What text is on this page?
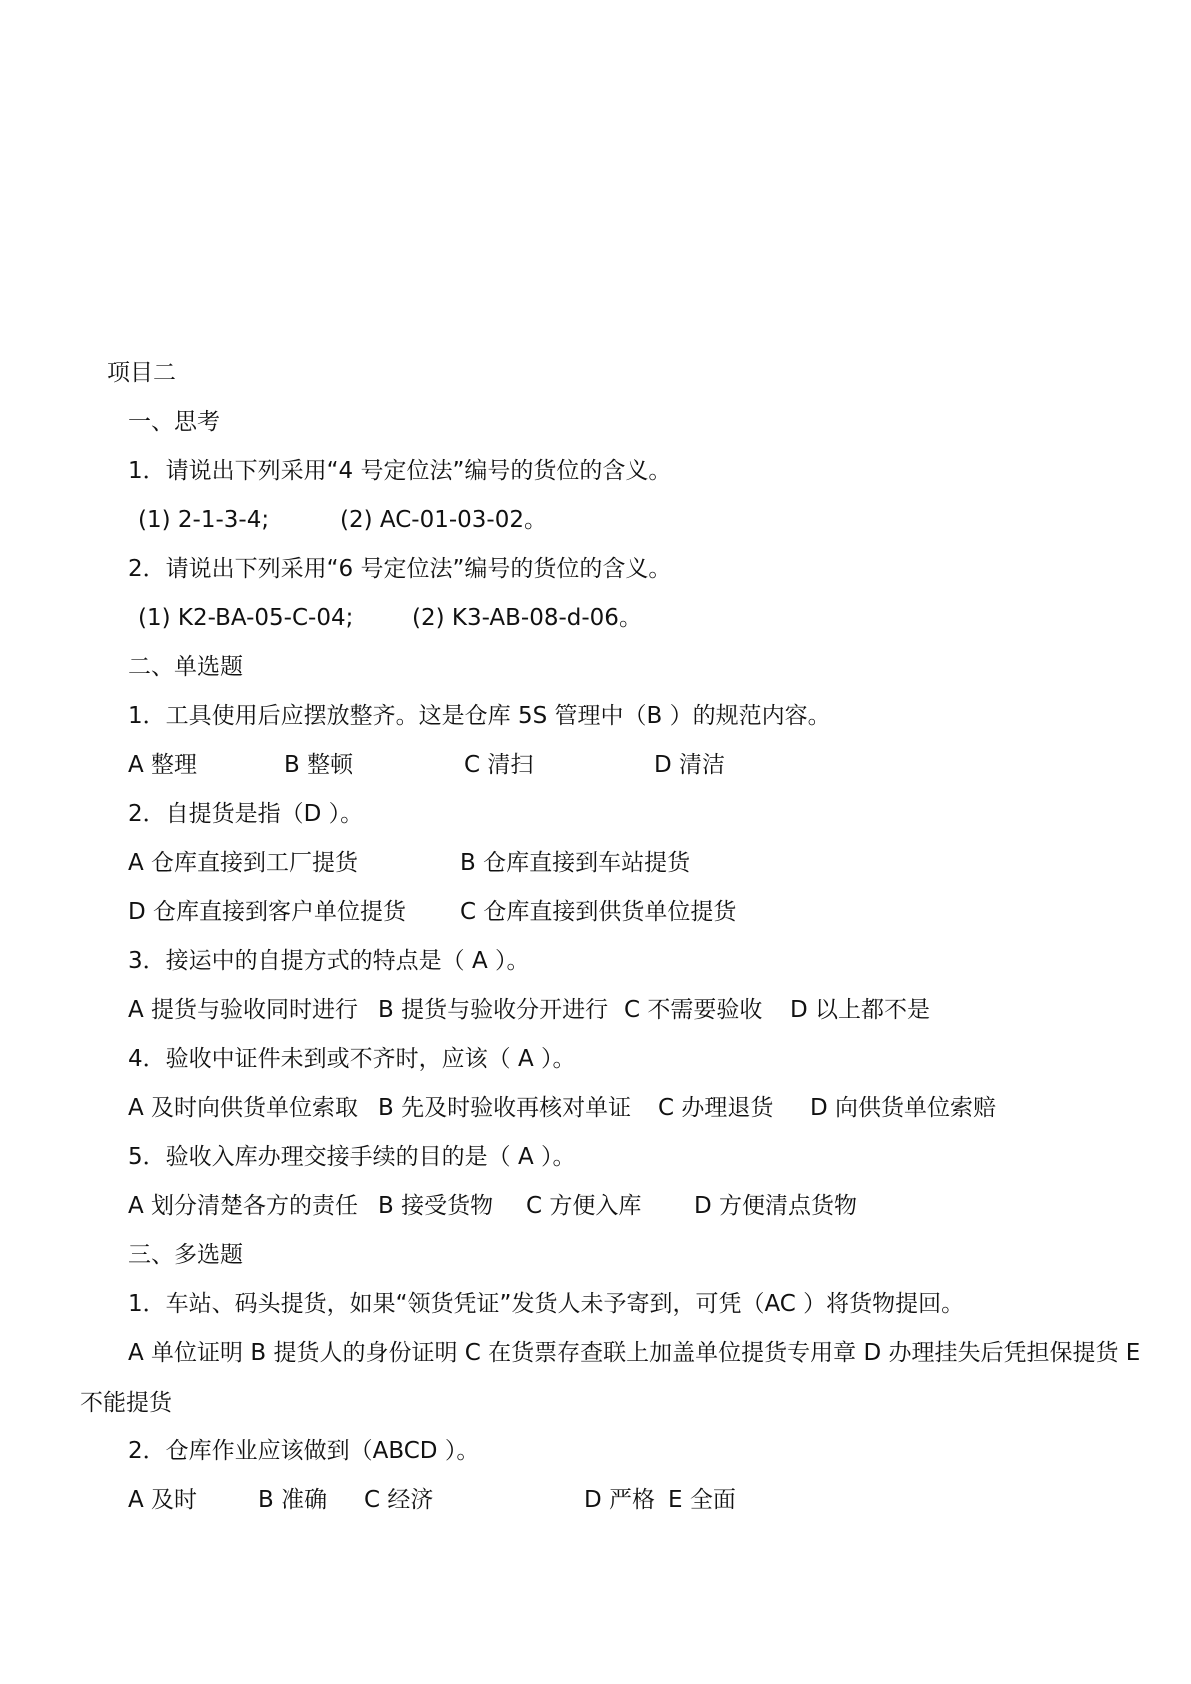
项目二
一、思考
1．请说出下列采用“4 号定位法”编号的货位的含义。
(1) 2-1-3-4;	(2) AC-01-03-02。
2．请说出下列采用“6 号定位法”编号的货位的含义。
(1) K2-BA-05-C-04;	(2) K3-AB-08-d-06。
二、单选题
1．工具使用后应摆放整齐。这是仓库 5S 管理中（B ）的规范内容。
A 整理	B 整顿	C 清扫	D 清洁
2．自提货是指（D ）。
A 仓库直接到工厂提货	B 仓库直接到车站提货
D 仓库直接到客户单位提货 C 仓库直接到供货单位提货
3．接运中的自提方式的特点是（ A ）。
A 提货与验收同时进行 B 提货与验收分开进行 C 不需要验收 D 以上都不是
4．验收中证件未到或不齐时，应该（ A ）。
A 及时向供货单位索取 B 先及时验收再核对单证 C 办理退货 D 向供货单位索赔
5．验收入库办理交接手续的目的是（ A ）。
A 划分清楚各方的责任 B 接受货物 C 方便入库 D 方便清点货物
三、多选题
1．车站、码头提货，如果“领货凭证”发货人未予寄到，可凭（AC ）将货物提回。
A 单位证明 B 提货人的身份证明 C 在货票存查联上加盖单位提货专用章 D 办理挂失后凭担保提货 E 不能提货
2．仓库作业应该做到（ABCD ）。
A 及时	B 准确 C 经济	D 严格 E 全面
